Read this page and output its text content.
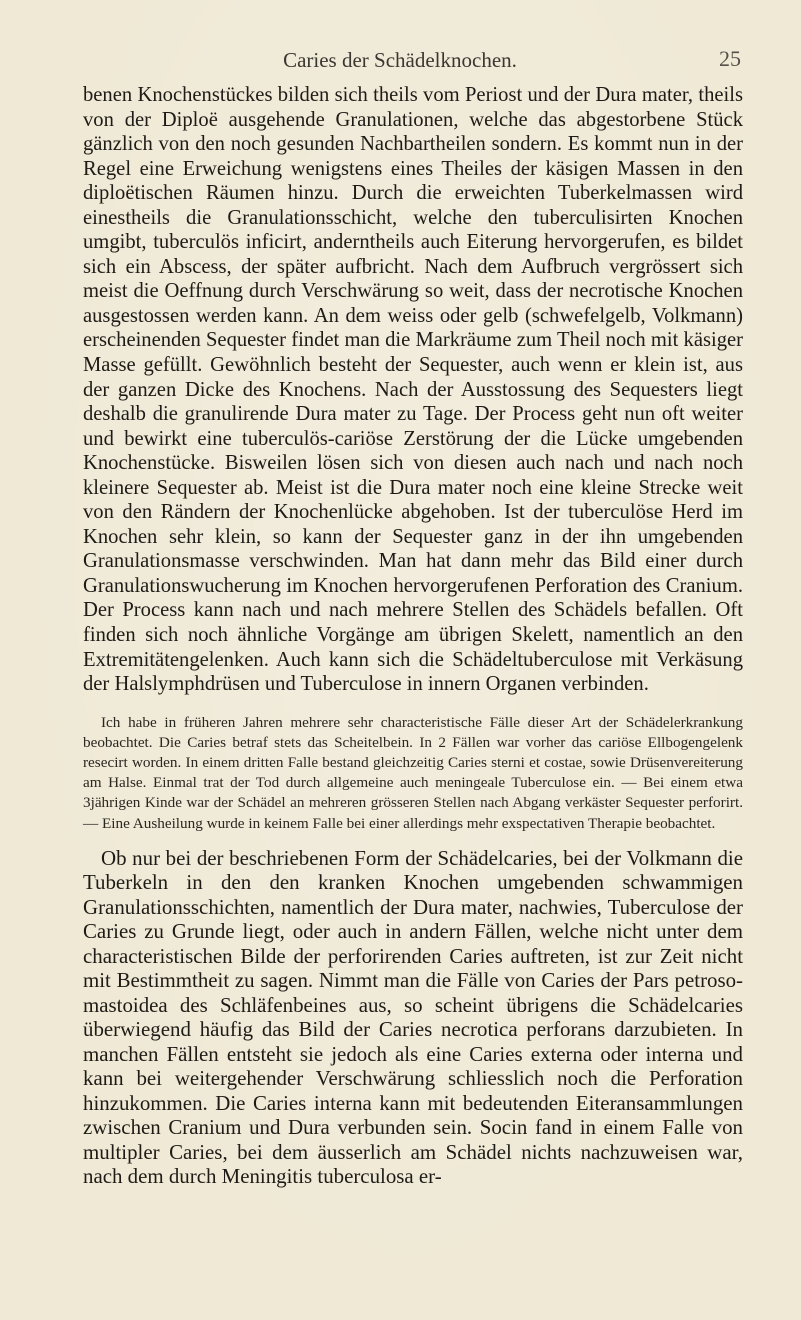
Caries der Schädelknochen.	25

benen Knochenstückes bilden sich theils vom Periost und der Dura mater, theils von der Diploë ausgehende Granulationen, welche das abgestorbene Stück gänzlich von den noch gesunden Nachbartheilen sondern. Es kommt nun in der Regel eine Erweichung wenigstens eines Theiles der käsigen Massen in den diploëtischen Räumen hinzu. Durch die erweichten Tuberkelmassen wird einestheils die Granulationsschicht, welche den tuberculisirten Knochen umgibt, tuberculös inficirt, anderntheils auch Eiterung hervorgerufen, es bildet sich ein Abscess, der später aufbricht. Nach dem Aufbruch vergrössert sich meist die Oeffnung durch Verschwärung so weit, dass der necrotische Knochen ausgestossen werden kann. An dem weiss oder gelb (schwefelgelb, Volkmann) erscheinenden Sequester findet man die Markräume zum Theil noch mit käsiger Masse gefüllt. Gewöhnlich besteht der Sequester, auch wenn er klein ist, aus der ganzen Dicke des Knochens. Nach der Ausstossung des Sequesters liegt deshalb die granulirende Dura mater zu Tage. Der Process geht nun oft weiter und bewirkt eine tuberculös-cariöse Zerstörung der die Lücke umgebenden Knochenstücke. Bisweilen lösen sich von diesen auch nach und nach noch kleinere Sequester ab. Meist ist die Dura mater noch eine kleine Strecke weit von den Rändern der Knochenlücke abgehoben. Ist der tuberculöse Herd im Knochen sehr klein, so kann der Sequester ganz in der ihn umgebenden Granulationsmasse verschwinden. Man hat dann mehr das Bild einer durch Granulationswucherung im Knochen hervorgerufenen Perforation des Cranium. Der Process kann nach und nach mehrere Stellen des Schädels befallen. Oft finden sich noch ähnliche Vorgänge am übrigen Skelett, namentlich an den Extremitätengelenken. Auch kann sich die Schädeltuberculose mit Verkäsung der Halslymphdrüsen und Tuberculose in innern Organen verbinden.

Ich habe in früheren Jahren mehrere sehr characteristische Fälle dieser Art der Schädelerkrankung beobachtet. Die Caries betraf stets das Scheitelbein. In 2 Fällen war vorher das cariöse Ellbogengelenk resecirt worden. In einem dritten Falle bestand gleichzeitig Caries sterni et costae, sowie Drüsenvereiterung am Halse. Einmal trat der Tod durch allgemeine auch meningeale Tuberculose ein. — Bei einem etwa 3jährigen Kinde war der Schädel an mehreren grösseren Stellen nach Abgang verkäster Sequester perforirt. — Eine Ausheilung wurde in keinem Falle bei einer allerdings mehr exspectativen Therapie beobachtet.

Ob nur bei der beschriebenen Form der Schädelcaries, bei der Volkmann die Tuberkeln in den den kranken Knochen umgebenden schwammigen Granulationsschichten, namentlich der Dura mater, nachwies, Tuberculose der Caries zu Grunde liegt, oder auch in andern Fällen, welche nicht unter dem characteristischen Bilde der perforirenden Caries auftreten, ist zur Zeit nicht mit Bestimmtheit zu sagen. Nimmt man die Fälle von Caries der Pars petroso-mastoidea des Schläfenbeines aus, so scheint übrigens die Schädelcaries überwiegend häufig das Bild der Caries necrotica perforans darzubieten. In manchen Fällen entsteht sie jedoch als eine Caries externa oder interna und kann bei weitergehender Verschwärung schliesslich noch die Perforation hinzukommen. Die Caries interna kann mit bedeutenden Eiteransammlungen zwischen Cranium und Dura verbunden sein. Socin fand in einem Falle von multipler Caries, bei dem äusserlich am Schädel nichts nachzuweisen war, nach dem durch Meningitis tuberculosa er-
